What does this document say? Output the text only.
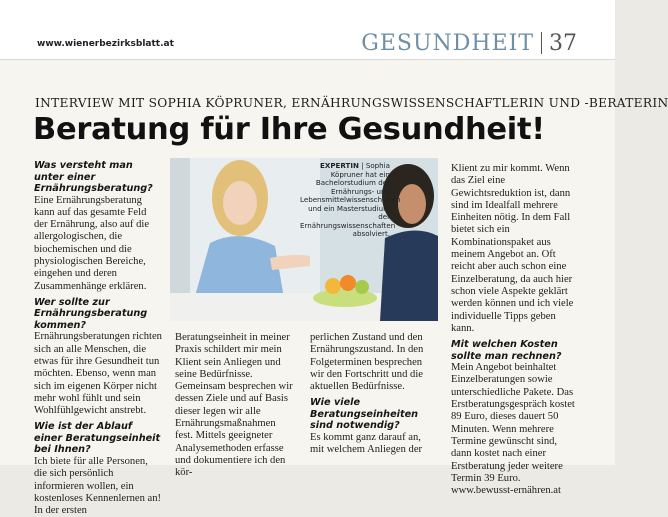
www.wienerbezirksblatt.at	GESUNDHEIT 37
INTERVIEW MIT SOPHIA KÖPRUNER, ERNÄHRUNGSWISSENSCHAFTLERIN UND -BERATERIN
Beratung für Ihre Gesundheit!
Was versteht man unter einer Ernährungsberatung?

Eine Ernährungsberatung kann auf das gesamte Feld der Ernährung, also auf die allergologischen, die biochemischen und die physiologischen Bereiche, eingehen und deren Zusammenhänge erklären.

Wer sollte zur Ernährungsberatung kommen?

Ernährungsberatungen richten sich an alle Menschen, die etwas für ihre Gesundheit tun möchten. Ebenso, wenn man sich im eigenen Körper nicht mehr wohl fühlt und sein Wohlfühlgewicht anstrebt.

Wie ist der Ablauf einer Beratungseinheit bei Ihnen?

Ich biete für alle Personen, die sich persönlich informieren wollen, ein kostenloses Kennenlernen an! In der ersten

EXPERTIN | Sophia Köpruner hat ein Bachelorstudium der Ernährungs- und Lebensmittelwissenschaften und ein Masterstudium der Ernährungswissenschaften absolviert.

Beratungseinheit in meiner Praxis schildert mir mein Klient sein Anliegen und seine Bedürfnisse. Gemeinsam besprechen wir dessen Ziele und auf Basis dieser legen wir alle Ernährungsmaßnahmen fest. Mittels geeigneter Analysemethoden erfasse und dokumentiere ich den kör-

perlichen Zustand und den Ernährungszustand. In den Folgeterminen besprechen wir den Fortschritt und die aktuellen Bedürfnisse.

Wie viele Beratungseinheiten sind notwendig?

Es kommt ganz darauf an, mit welchem Anliegen der

Klient zu mir kommt. Wenn das Ziel eine Gewichtsreduktion ist, dann sind im Idealfall mehrere Einheiten nötig. In dem Fall bietet sich ein Kombinationspaket aus meinem Angebot an. Oft reicht aber auch schon eine Einzelberatung, da auch hier schon viele Aspekte geklärt werden können und ich viele individuelle Tipps geben kann.

Mit welchen Kosten sollte man rechnen?

Mein Angebot beinhaltet Einzelberatungen sowie unterschiedliche Pakete. Das Erstberatungsgespräch kostet 89 Euro, dieses dauert 50 Minuten. Wenn mehrere Termine gewünscht sind, dann kostet nach einer Erstberatung jeder weitere Termin 39 Euro.

www.bewusst-ernähren.at
